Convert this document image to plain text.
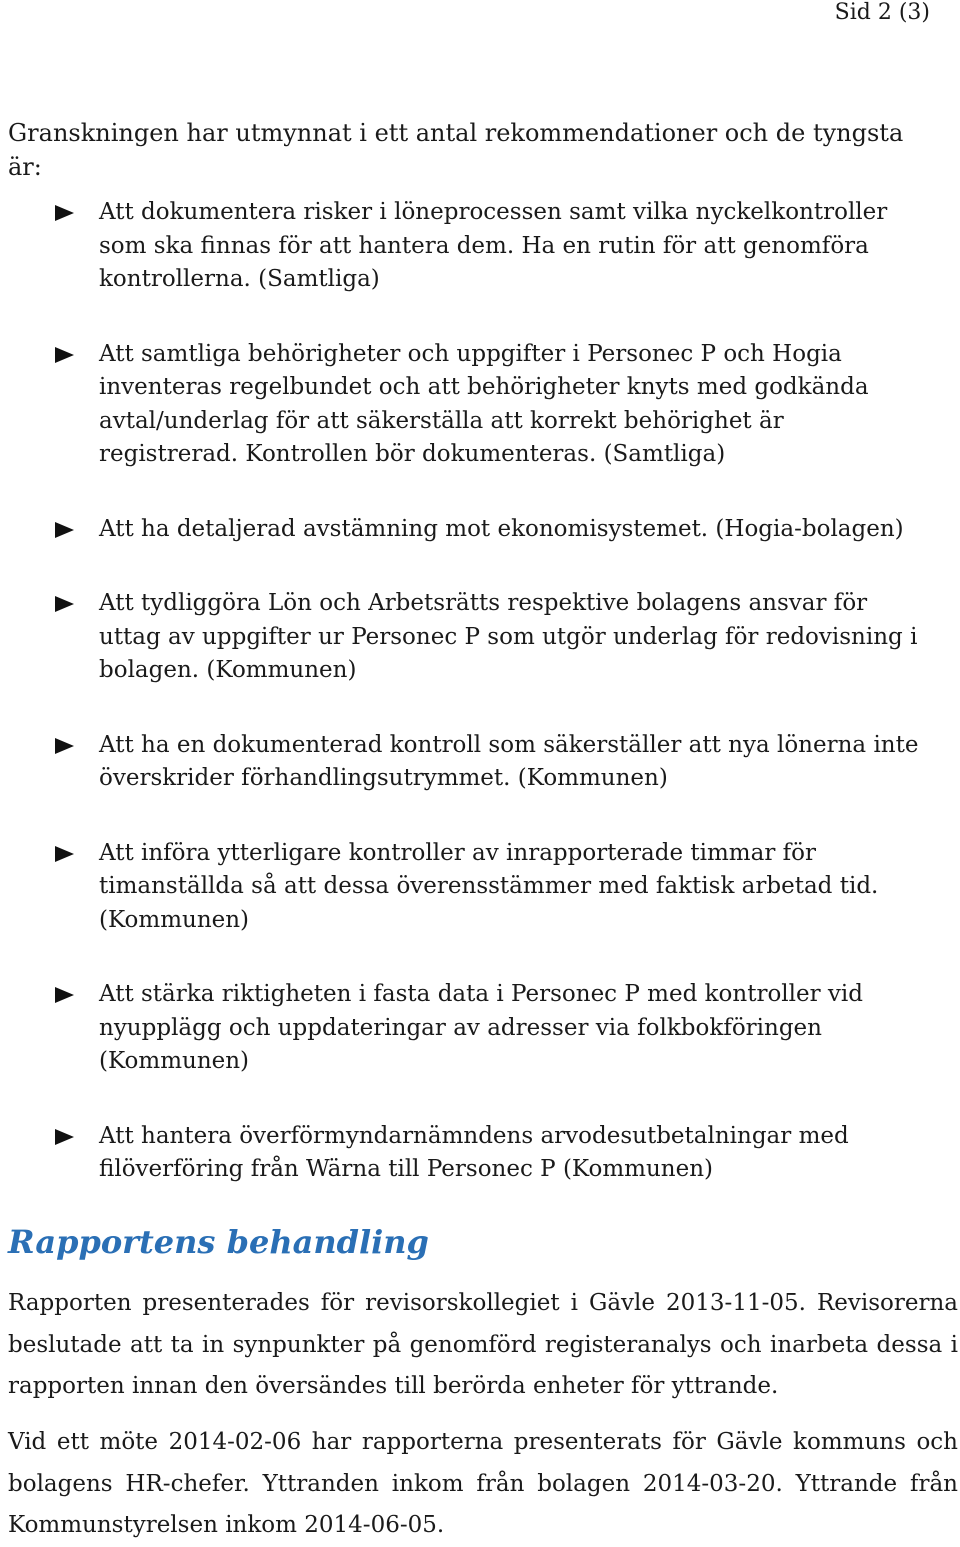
Sid 2 (3)

Granskningen har utmynnat i ett antal rekommendationer och de tyngsta är:

Att dokumentera risker i löneprocessen samt vilka nyckelkontroller som ska finnas för att hantera dem. Ha en rutin för att genomföra kontrollerna. (Samtliga)
Att samtliga behörigheter och uppgifter i Personec P och Hogia inventeras regelbundet och att behörigheter knyts med godkända avtal/underlag för att säkerställa att korrekt behörighet är registrerad. Kontrollen bör dokumenteras. (Samtliga)
Att ha detaljerad avstämning mot ekonomisystemet. (Hogia-bolagen)
Att tydliggöra Lön och Arbetsrätts respektive bolagens ansvar för uttag av uppgifter ur Personec P som utgör underlag för redovisning i bolagen. (Kommunen)
Att ha en dokumenterad kontroll som säkerställer att nya lönerna inte överskrider förhandlingsutrymmet. (Kommunen)
Att införa ytterligare kontroller av inrapporterade timmar för timanställda så att dessa överensstämmer med faktisk arbetad tid. (Kommunen)
Att stärka riktigheten i fasta data i Personec P med kontroller vid nyupplägg och uppdateringar av adresser via folkbokföringen (Kommunen)
Att hantera överförmyndarnämndens arvodesutbetalningar med filöverföring från Wärna till Personec P (Kommunen)
Rapportens behandling

Rapporten presenterades för revisorskollegiet i Gävle 2013-11-05. Revisorerna beslutade att ta in synpunkter på genomförd registeranalys och inarbeta dessa i rapporten innan den översändes till berörda enheter för yttrande.

Vid ett möte 2014-02-06 har rapporterna presenterats för Gävle kommuns och bolagens HR-chefer. Yttranden inkom från bolagen 2014-03-20. Yttrande från Kommunstyrelsen inkom 2014-06-05.
